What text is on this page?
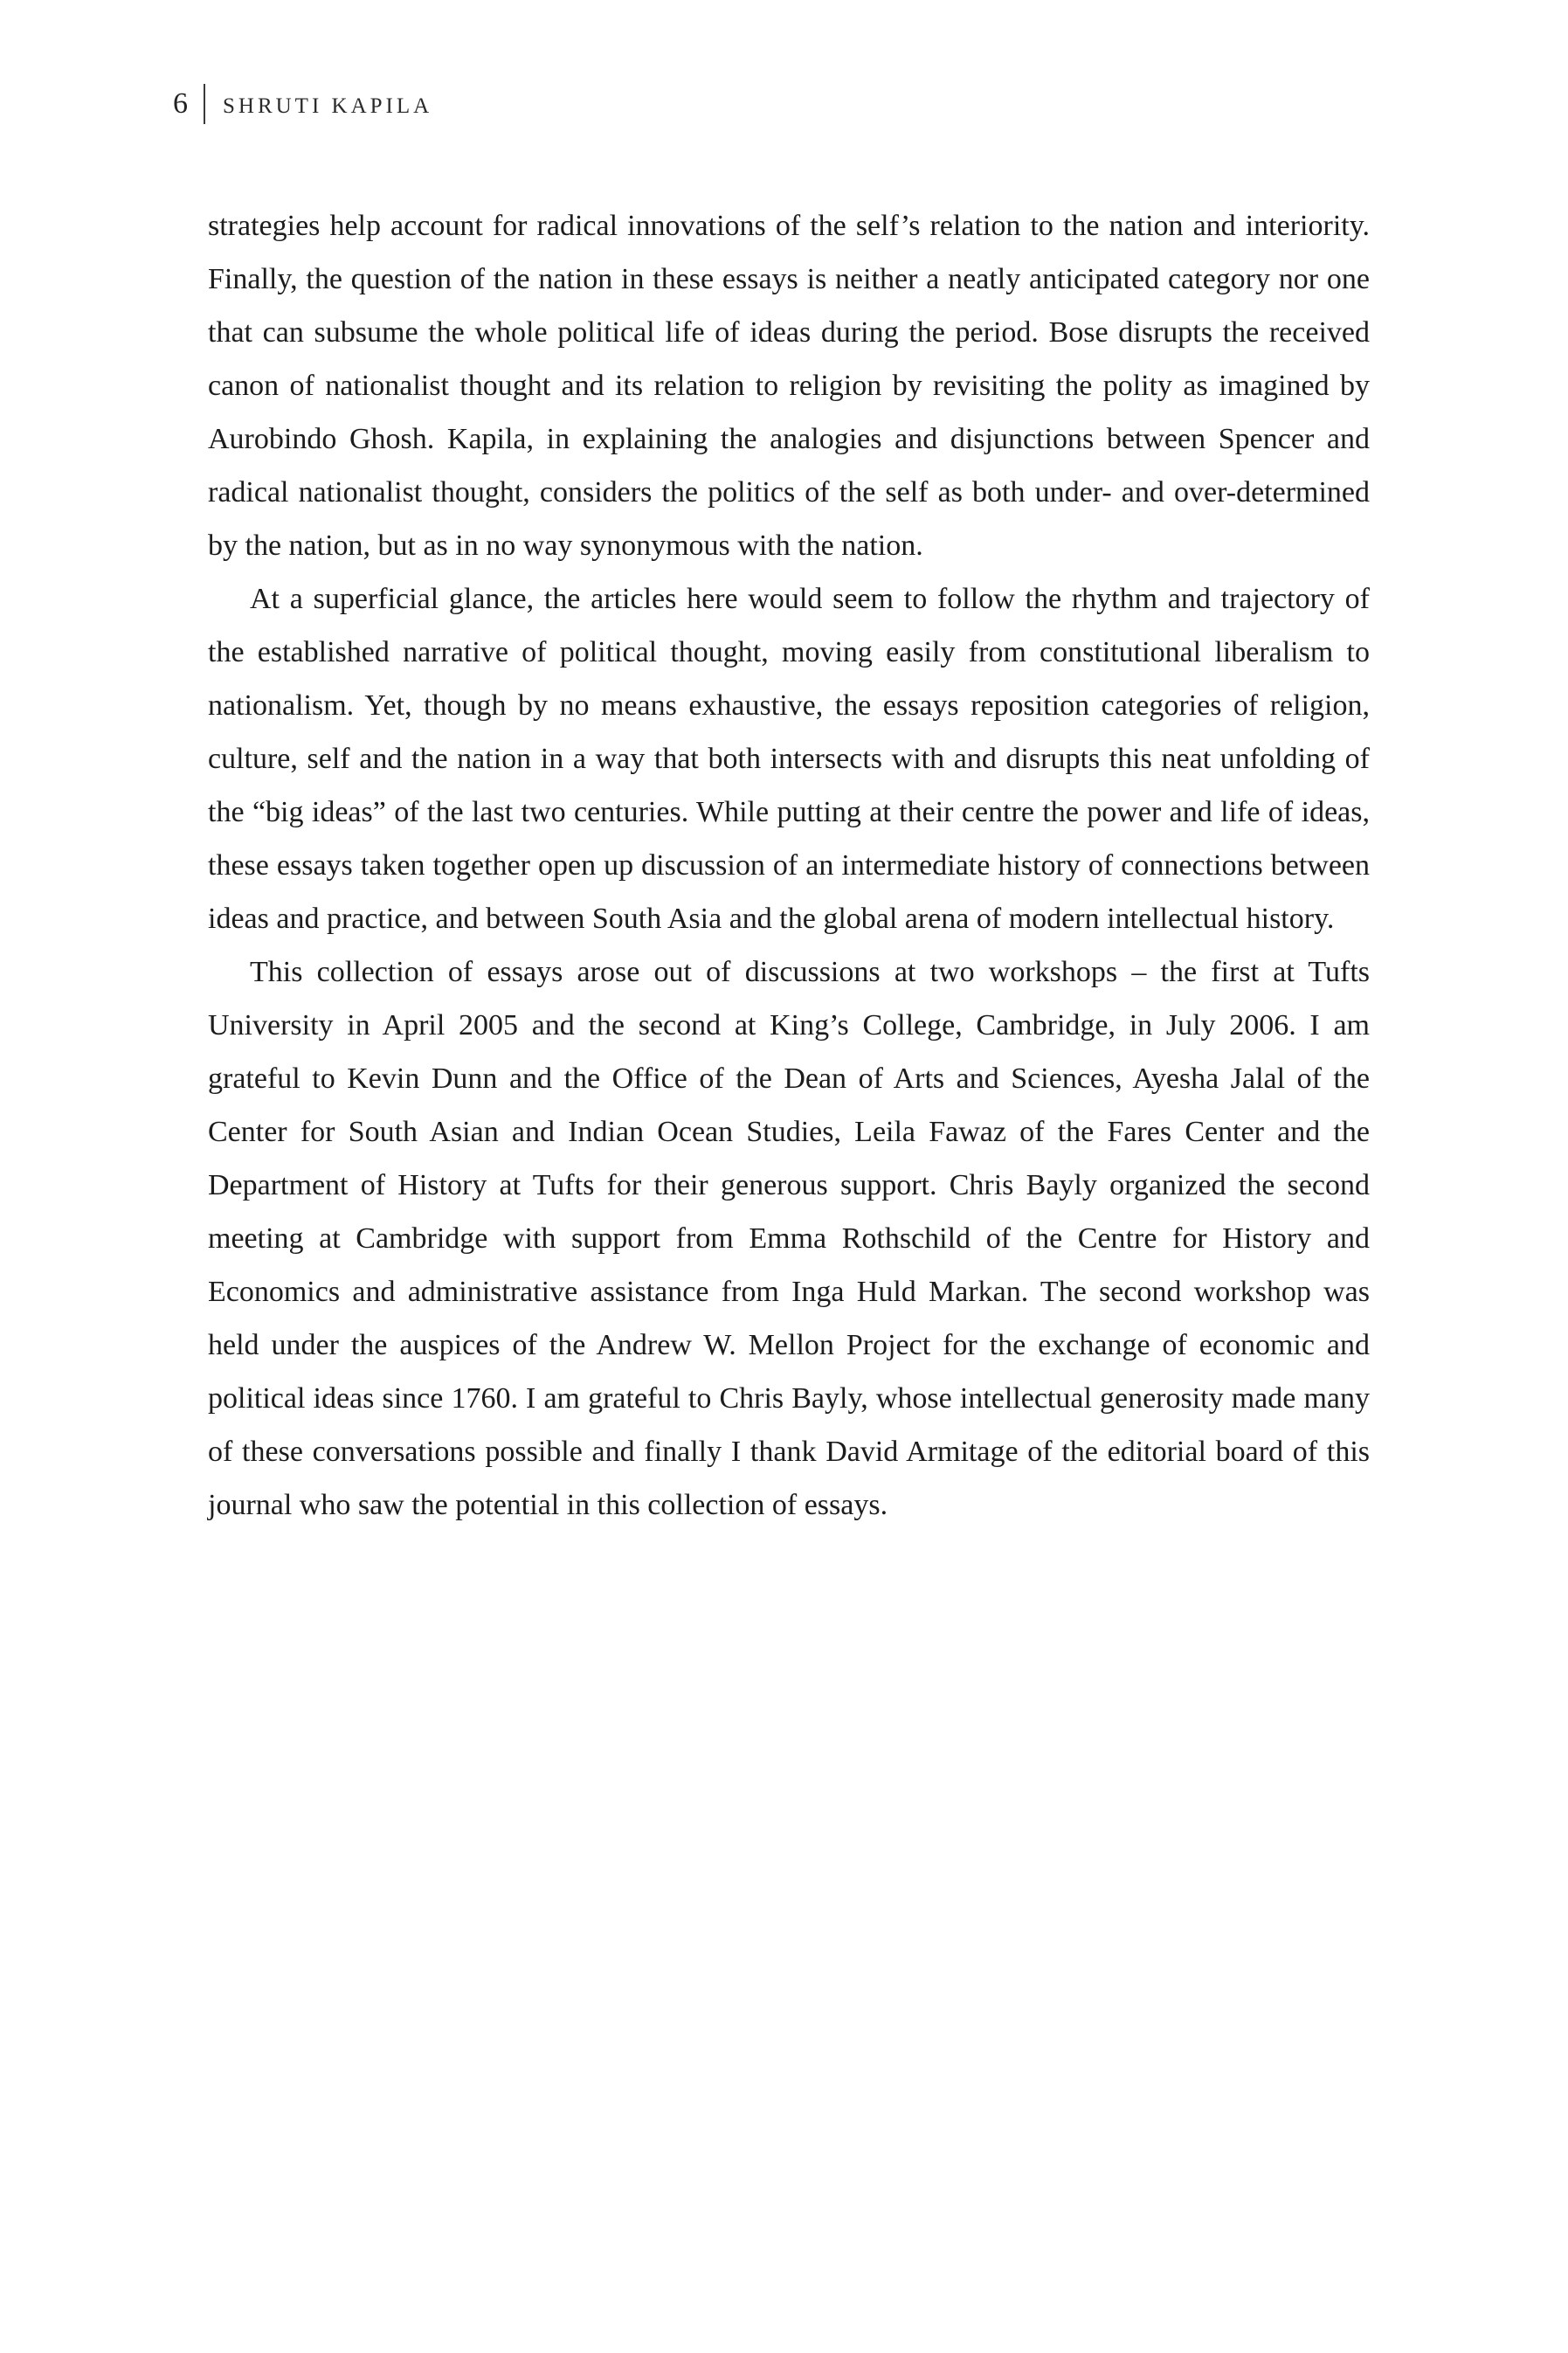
6 SHRUTI KAPILA

strategies help account for radical innovations of the self’s relation to the nation and interiority. Finally, the question of the nation in these essays is neither a neatly anticipated category nor one that can subsume the whole political life of ideas during the period. Bose disrupts the received canon of nationalist thought and its relation to religion by revisiting the polity as imagined by Aurobindo Ghosh. Kapila, in explaining the analogies and disjunctions between Spencer and radical nationalist thought, considers the politics of the self as both under- and over-determined by the nation, but as in no way synonymous with the nation.

At a superficial glance, the articles here would seem to follow the rhythm and trajectory of the established narrative of political thought, moving easily from constitutional liberalism to nationalism. Yet, though by no means exhaustive, the essays reposition categories of religion, culture, self and the nation in a way that both intersects with and disrupts this neat unfolding of the “big ideas” of the last two centuries. While putting at their centre the power and life of ideas, these essays taken together open up discussion of an intermediate history of connections between ideas and practice, and between South Asia and the global arena of modern intellectual history.

This collection of essays arose out of discussions at two workshops – the first at Tufts University in April 2005 and the second at King’s College, Cambridge, in July 2006. I am grateful to Kevin Dunn and the Office of the Dean of Arts and Sciences, Ayesha Jalal of the Center for South Asian and Indian Ocean Studies, Leila Fawaz of the Fares Center and the Department of History at Tufts for their generous support. Chris Bayly organized the second meeting at Cambridge with support from Emma Rothschild of the Centre for History and Economics and administrative assistance from Inga Huld Markan. The second workshop was held under the auspices of the Andrew W. Mellon Project for the exchange of economic and political ideas since 1760. I am grateful to Chris Bayly, whose intellectual generosity made many of these conversations possible and finally I thank David Armitage of the editorial board of this journal who saw the potential in this collection of essays.
